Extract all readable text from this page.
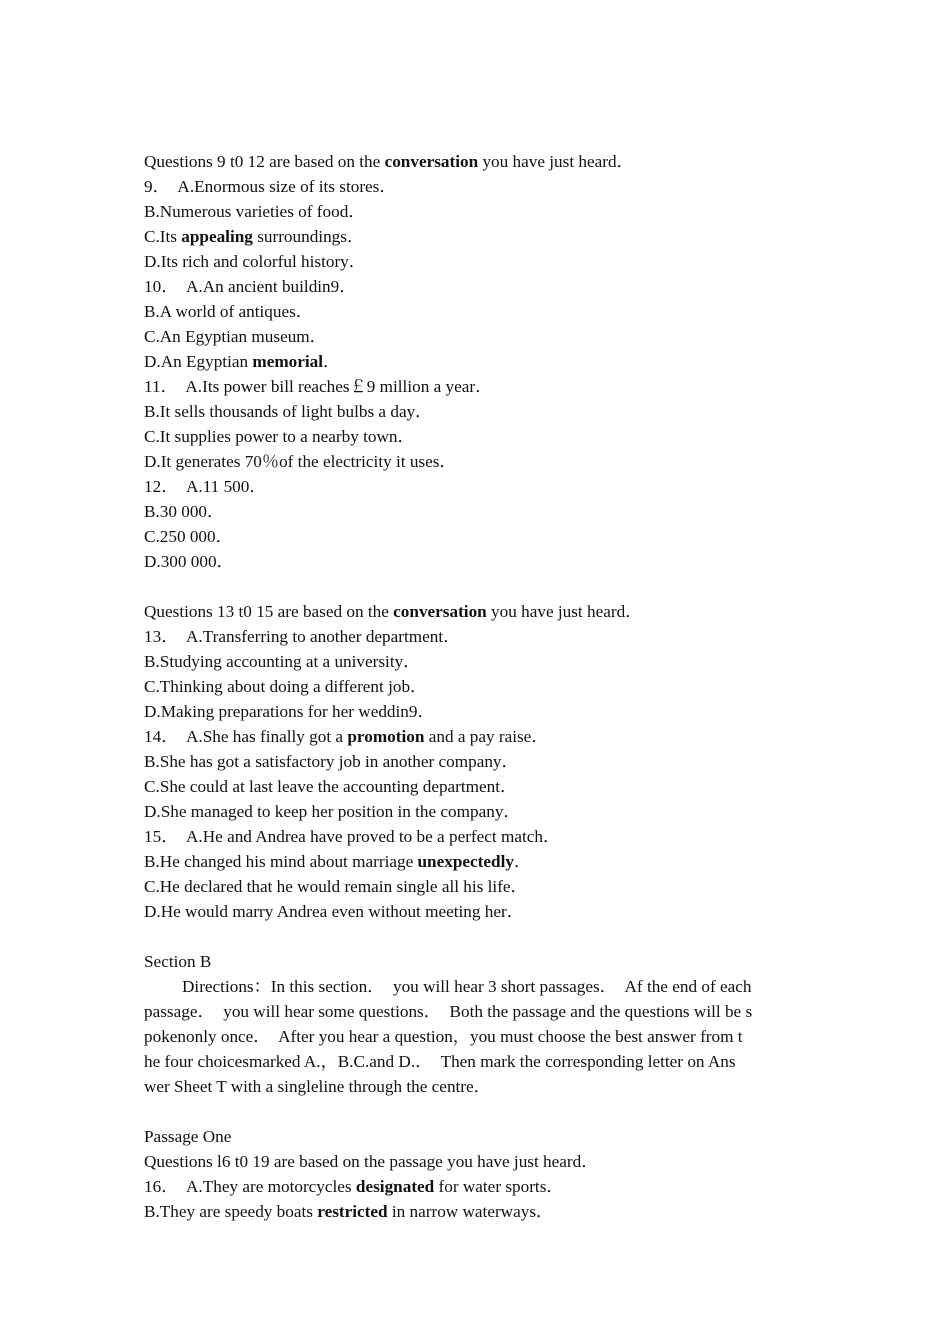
Questions 9 t0 12 are based on the conversation you have just heard．
9．  A.Enormous size of its stores．
B.Numerous varieties of food．
C.Its appealing surroundings．
D.Its rich and colorful history．
10．  A.An ancient buildin9．
B.A world of antiques．
C.An Egyptian museum．
D.An Egyptian memorial．
11．  A.Its power bill reaches￡9 million a year．
B.It sells thousands of light bulbs a day．
C.It supplies power to a nearby town．
D.It generates 70％of the electricity it uses．
12．  A.11 500．
B.30 000．
C.250 000．
D.300 000．
Questions 13 t0 15 are based on the conversation you have just heard．
13．  A.Transferring to another department．
B.Studying accounting at a university．
C.Thinking about doing a different job．
D.Making preparations for her weddin9．
14．  A.She has finally got a promotion and a pay raise．
B.She has got a satisfactory job in another company．
C.She could at last leave the accounting department．
D.She managed to keep her position in the company．
15．  A.He and Andrea have proved to be a perfect match．
B.He changed his mind about marriage unexpectedly．
C.He declared that he would remain single all his life．
D.He would marry Andrea even without meeting her．
Section B
Directions：In this section．  you will hear 3 short passages．  Af the end of each
passage．  you will hear some questions．  Both the passage and the questions will be s
pokenonly once．  After you hear a question，you must choose the best answer from t
he four choicesmarked A.，B.C.and D.．  Then mark the corresponding letter on Ans
wer Sheet T with a singleline through the centre．
Passage One
Questions l6 t0 19 are based on the passage you have just heard．
16．  A.They are motorcycles designated for water sports．
B.They are speedy boats restricted in narrow waterways．
